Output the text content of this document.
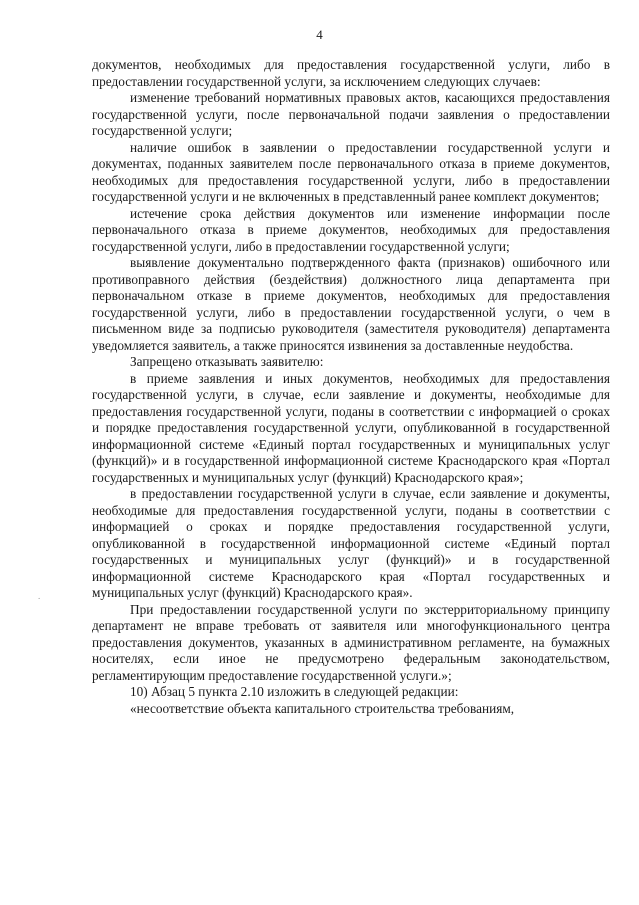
4
.

документов, необходимых для предоставления государственной услуги, либо в предоставлении государственной услуги, за исключением следующих случаев:

изменение требований нормативных правовых актов, касающихся предоставления государственной услуги, после первоначальной подачи заявления о предоставлении государственной услуги;

наличие ошибок в заявлении о предоставлении государственной услуги и документах, поданных заявителем после первоначального отказа в приеме документов, необходимых для предоставления государственной услуги, либо в предоставлении государственной услуги и не включенных в представленный ранее комплект документов;

истечение срока действия документов или изменение информации после первоначального отказа в приеме документов, необходимых для предоставления государственной услуги, либо в предоставлении государственной услуги;

выявление документально подтвержденного факта (признаков) ошибочного или противоправного действия (бездействия) должностного лица департамента при первоначальном отказе в приеме документов, необходимых для предоставления государственной услуги, либо в предоставлении государственной услуги, о чем в письменном виде за подписью руководителя (заместителя руководителя) департамента уведомляется заявитель, а также приносятся извинения за доставленные неудобства.

Запрещено отказывать заявителю:

в приеме заявления и иных документов, необходимых для предоставления государственной услуги, в случае, если заявление и документы, необходимые для предоставления государственной услуги, поданы в соответствии с информацией о сроках и порядке предоставления государственной услуги, опубликованной в государственной информационной системе «Единый портал государственных и муниципальных услуг (функций)» и в государственной информационной системе Краснодарского края «Портал государственных и муниципальных услуг (функций) Краснодарского края»;

в предоставлении государственной услуги в случае, если заявление и документы, необходимые для предоставления государственной услуги, поданы в соответствии с информацией о сроках и порядке предоставления государственной услуги, опубликованной в государственной информационной системе «Единый портал государственных и муниципальных услуг (функций)» и в государственной информационной системе Краснодарского края «Портал государственных и муниципальных услуг (функций) Краснодарского края».

При предоставлении государственной услуги по экстерриториальному принципу департамент не вправе требовать от заявителя или многофункционального центра предоставления документов, указанных в административном регламенте, на бумажных носителях, если иное не предусмотрено федеральным законодательством, регламентирующим предоставление государственной услуги.»;

10) Абзац 5 пункта 2.10 изложить в следующей редакции:

«несоответствие объекта капитального строительства требованиям,
